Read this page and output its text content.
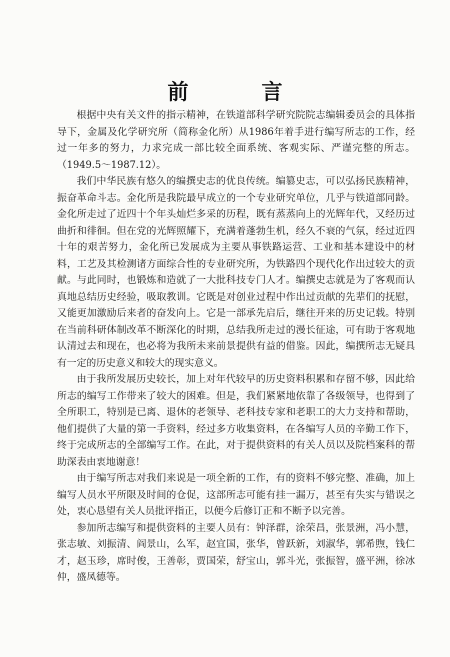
前　言

根据中央有关文件的指示精神，在铁道部科学研究院院志编辑委员会的具体指导下，金属及化学研究所（简称金化所）从1986年着手进行编写所志的工作，经过一年多的努力，力求完成一部比较全面系统、客观实际、严谨完整的所志。（1949.5～1987.12）。

我们中华民族有悠久的编撰史志的优良传统。编篡史志，可以弘扬民族精神，振奋革命斗志。金化所是我院最早成立的一个专业研究单位，几乎与铁道部同龄。金化所走过了近四十个年头灿烂多采的历程，既有蒸蒸向上的光辉年代，又经历过曲折和徘徊。但在党的光辉照耀下，充满着蓬勃生机，经久不衰的气氛，经过近四十年的艰苦努力，金化所已发展成为主要从事铁路运营、工业和基本建设中的材料，工艺及其检测诸方面综合性的专业研究所，为铁路四个现代化作出过较大的贡献。与此同时，也锻炼和造就了一大批科技专门人才。编撰史志就是为了客观而认真地总结历史经验，吸取教训。它既是对创业过程中作出过贡献的先辈们的抚慰，又能更加激励后来者的奋发向上。它是一部承先启后，继往开来的历史记载。特别在当前科研体制改革不断深化的时期，总结我所走过的漫长征途，可有助于客观地认清过去和现在，也必将为我所未来前景提供有益的借鉴。因此，编撰所志无疑具有一定的历史意义和较大的现实意义。

由于我所发展历史较长，加上对年代较早的历史资料积累和存留不够，因此给所志的编写工作带来了较大的困难。但是，我们紧紧地依靠了各级领导，也得到了全所职工，特别是已离、退休的老领导、老科技专家和老职工的大力支持和帮助，他们提供了大量的第一手资料，经过多方收集资料，在各编写人员的辛勤工作下，终于完成所志的全部编写工作。在此，对于提供资料的有关人员以及院档案科的帮助深表由衷地谢意！

由于编写所志对我们来说是一项全新的工作，有的资料不够完整、准确，加上编写人员水平所限及时间的仓促，这部所志可能有挂一漏万，甚至有失实与错误之处，衷心恳望有关人员批评指正，以便今后修订正和不断予以完善。

参加所志编写和提供资料的主要人员有：钟泽群，涂荣昌，张景洲，冯小慧，张志敏、刘振清、阎景山，么军，赵宜国，张华，曾跃新，刘淑华，郭希煦，钱仁才，赵玉珍，席时俊，王善彰，贾国荣，舒宝山，郭斗光，张振智，盛平洲，徐冰仲，盛凤德等。
